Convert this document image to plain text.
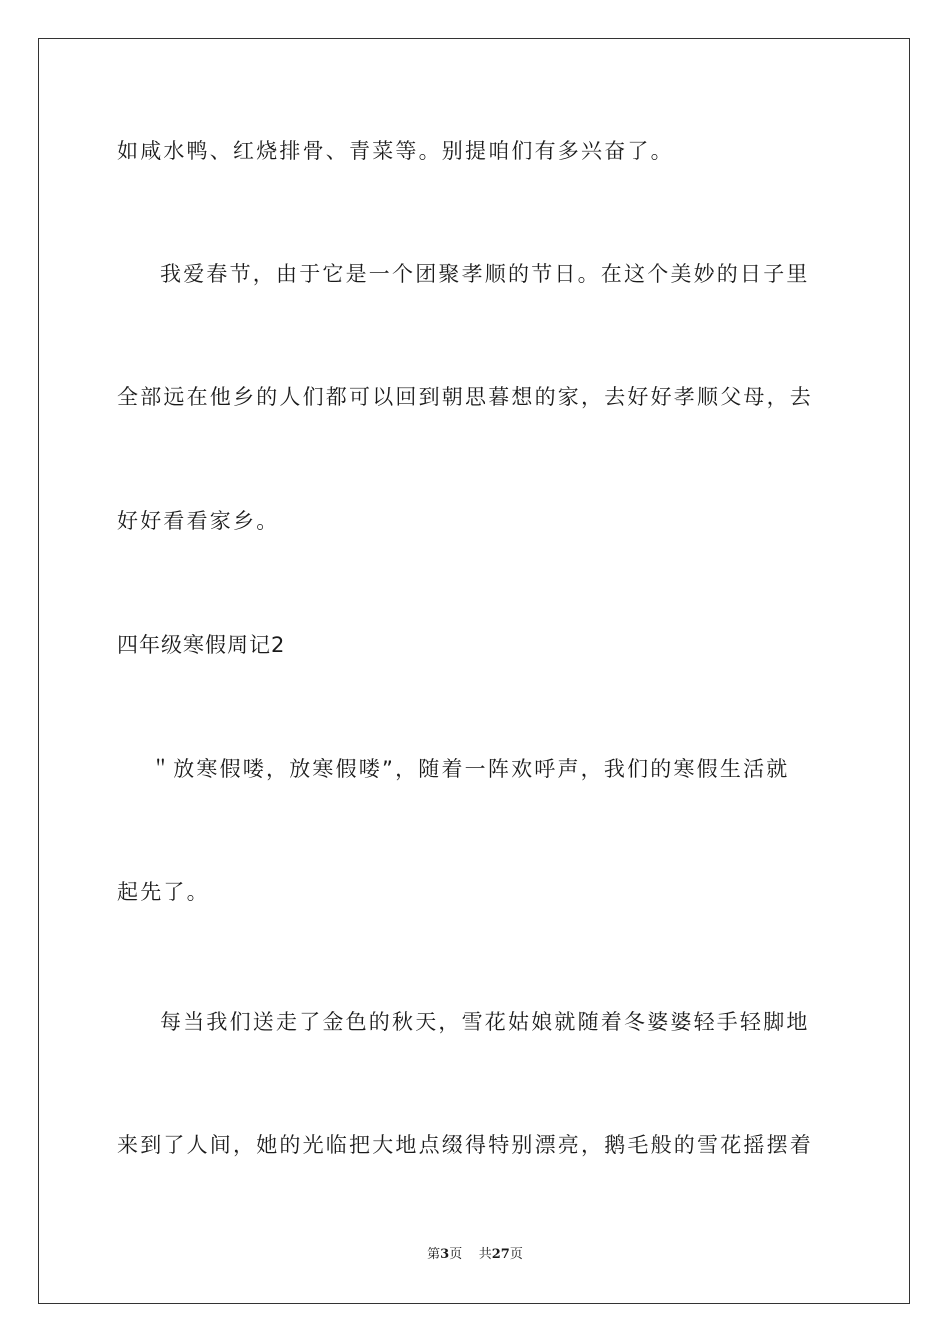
如咸水鸭、红烧排骨、青菜等。别提咱们有多兴奋了。
我爱春节，由于它是一个团聚孝顺的节日。在这个美妙的日子里
全部远在他乡的人们都可以回到朝思暮想的家，去好好孝顺父母，去
好好看看家乡。
四年级寒假周记2
＂放寒假喽，放寒假喽”，随着一阵欢呼声，我们的寒假生活就
起先了。
每当我们送走了金色的秋天，雪花姑娘就随着冬婆婆轻手轻脚地
来到了人间，她的光临把大地点缀得特别漂亮，鹅毛般的雪花摇摆着
第3页 共27页
